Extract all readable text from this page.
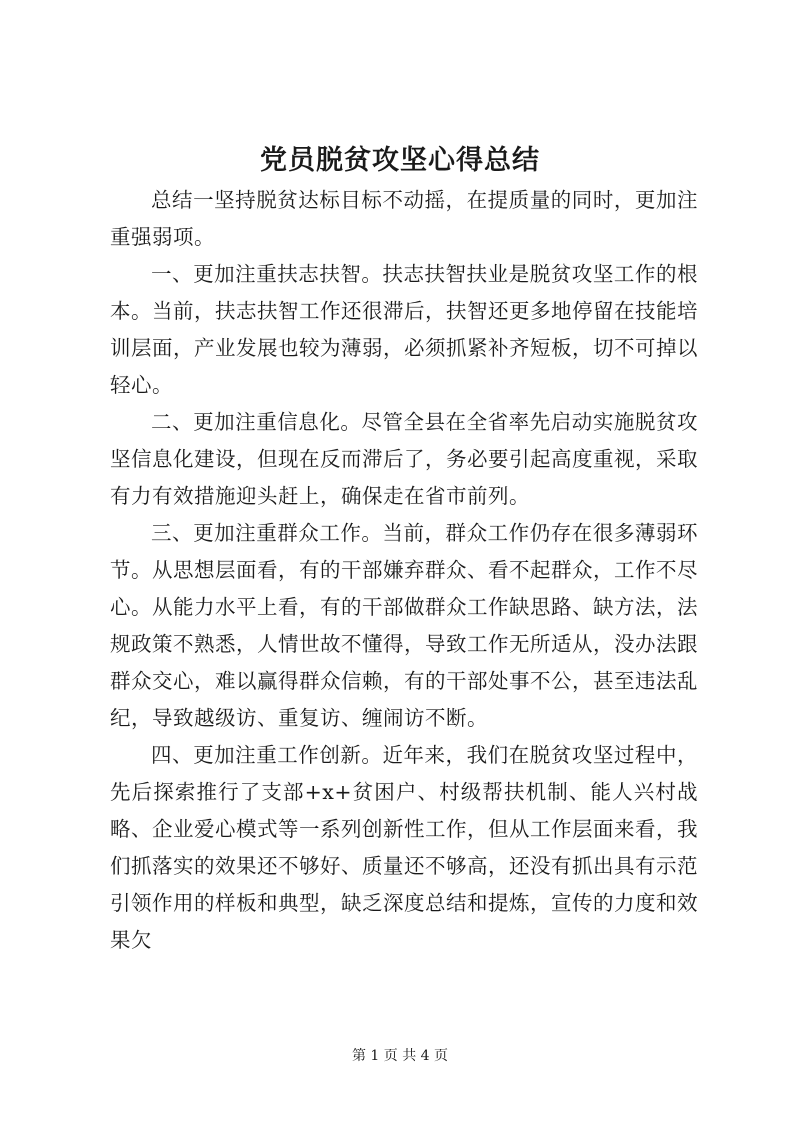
党员脱贫攻坚心得总结

总结一坚持脱贫达标目标不动摇，在提质量的同时，更加注重强弱项。

一、更加注重扶志扶智。扶志扶智扶业是脱贫攻坚工作的根本。当前，扶志扶智工作还很滞后，扶智还更多地停留在技能培训层面，产业发展也较为薄弱，必须抓紧补齐短板，切不可掉以轻心。

二、更加注重信息化。尽管全县在全省率先启动实施脱贫攻坚信息化建设，但现在反而滞后了，务必要引起高度重视，采取有力有效措施迎头赶上，确保走在省市前列。

三、更加注重群众工作。当前，群众工作仍存在很多薄弱环节。从思想层面看，有的干部嫌弃群众、看不起群众，工作不尽心。从能力水平上看，有的干部做群众工作缺思路、缺方法，法规政策不熟悉，人情世故不懂得，导致工作无所适从，没办法跟群众交心，难以赢得群众信赖，有的干部处事不公，甚至违法乱纪，导致越级访、重复访、缠闹访不断。

四、更加注重工作创新。近年来，我们在脱贫攻坚过程中，先后探索推行了支部+x+贫困户、村级帮扶机制、能人兴村战略、企业爱心模式等一系列创新性工作，但从工作层面来看，我们抓落实的效果还不够好、质量还不够高，还没有抓出具有示范引领作用的样板和典型，缺乏深度总结和提炼，宣传的力度和效果欠

第 1 页 共 4 页
